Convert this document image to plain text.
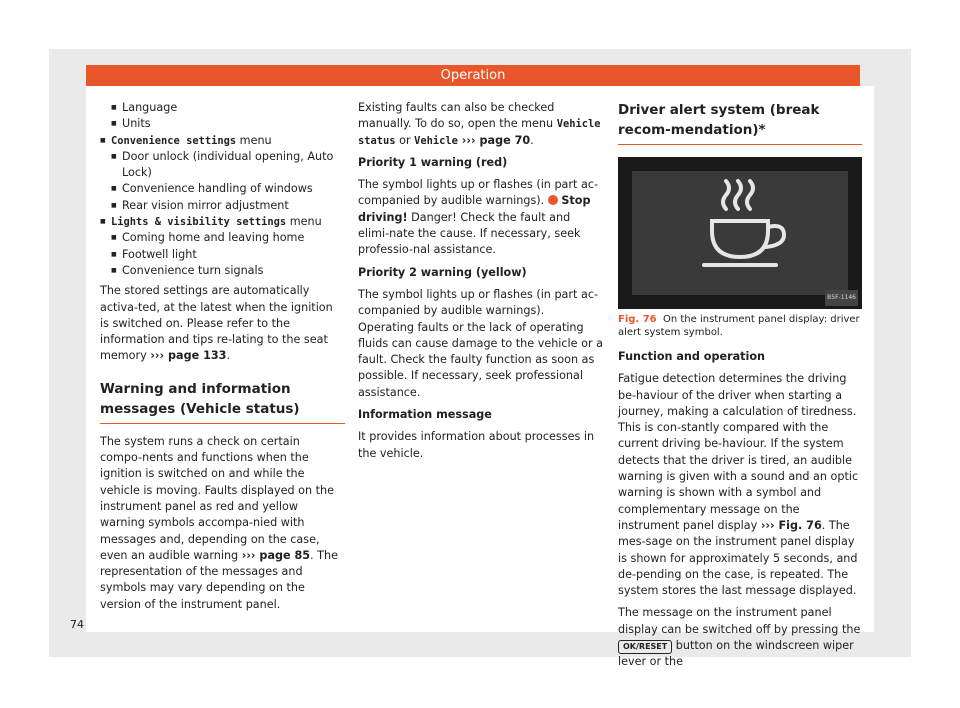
Operation
■ Language
■ Units
■ Convenience settings menu
■ Door unlock (individual opening, Auto Lock)
■ Convenience handling of windows
■ Rear vision mirror adjustment
■ Lights & visibility settings menu
■ Coming home and leaving home
■ Footwell light
■ Convenience turn signals

The stored settings are automatically activa-ted, at the latest when the ignition is switched on. Please refer to the information and tips re-lating to the seat memory ››› page 133.

Warning and information messages (Vehicle status)

The system runs a check on certain compo-nents and functions when the ignition is switched on and while the vehicle is moving. Faults displayed on the instrument panel as red and yellow warning symbols accompa-nied with messages and, depending on the case, even an audible warning ››› page 85. The representation of the messages and symbols may vary depending on the version of the instrument panel.

Existing faults can also be checked manually. To do so, open the menu Vehicle status or Vehicle ››› page 70.

Priority 1 warning (red)

The symbol lights up or flashes (in part ac-companied by audible warnings). Stop driving! Danger! Check the fault and elimi-nate the cause. If necessary, seek professio-nal assistance.

Priority 2 warning (yellow)

The symbol lights up or flashes (in part ac-companied by audible warnings). Operating faults or the lack of operating fluids can cause damage to the vehicle or a fault. Check the faulty function as soon as possible. If necessary, seek professional assistance.

Information message

It provides information about processes in the vehicle.

Driver alert system (break recom-mendation)*
B5F-1146
Fig. 76 On the instrument panel display: driver alert system symbol.

Function and operation

Fatigue detection determines the driving be-haviour of the driver when starting a journey, making a calculation of tiredness. This is con-stantly compared with the current driving be-haviour. If the system detects that the driver is tired, an audible warning is given with a sound and an optic warning is shown with a symbol and complementary message on the instrument panel display ››› Fig. 76. The mes-sage on the instrument panel display is shown for approximately 5 seconds, and de-pending on the case, is repeated. The system stores the last message displayed.

The message on the instrument panel display can be switched off by pressing the OK/RESET button on the windscreen wiper lever or the

74
